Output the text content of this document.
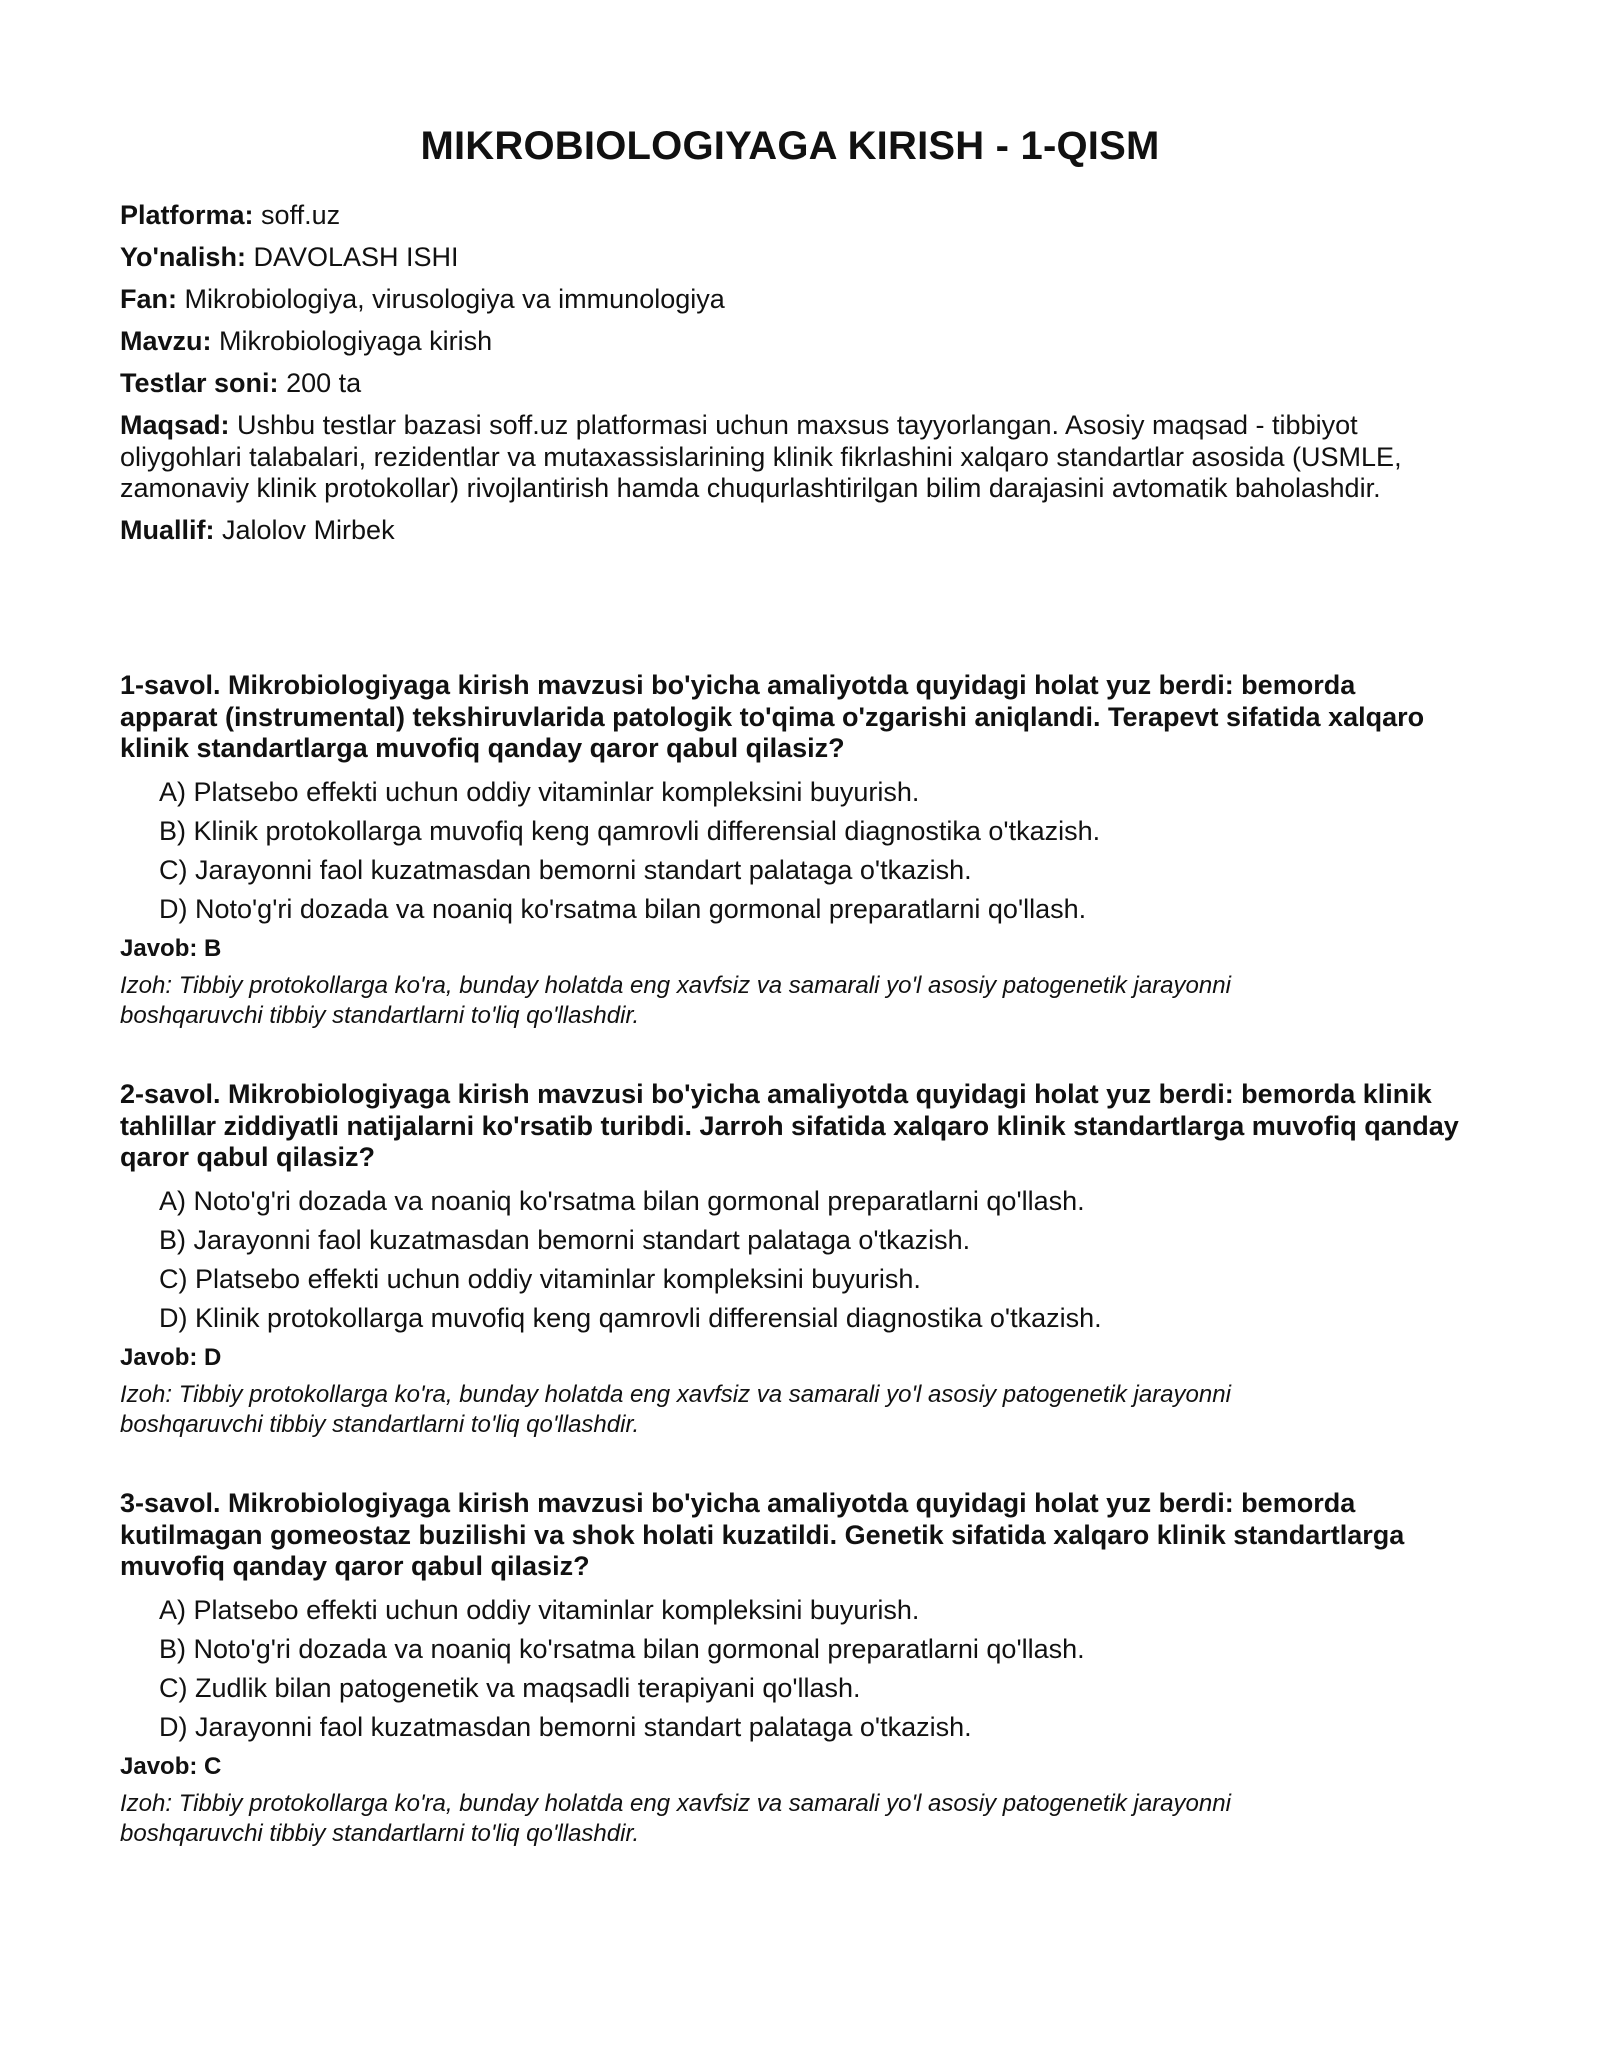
MIKROBIOLOGIYAGA KIRISH - 1-QISM

Platforma: soff.uz

Yo'nalish: DAVOLASH ISHI

Fan: Mikrobiologiya, virusologiya va immunologiya

Mavzu: Mikrobiologiyaga kirish

Testlar soni: 200 ta

Maqsad: Ushbu testlar bazasi soff.uz platformasi uchun maxsus tayyorlangan. Asosiy maqsad - tibbiyot oliygohlari talabalari, rezidentlar va mutaxassislarining klinik fikrlashini xalqaro standartlar asosida (USMLE, zamonaviy klinik protokollar) rivojlantirish hamda chuqurlashtirilgan bilim darajasini avtomatik baholashdir.

Muallif: Jalolov Mirbek

1-savol. Mikrobiologiyaga kirish mavzusi bo'yicha amaliyotda quyidagi holat yuz berdi: bemorda apparat (instrumental) tekshiruvlarida patologik to'qima o'zgarishi aniqlandi. Terapevt sifatida xalqaro klinik standartlarga muvofiq qanday qaror qabul qilasiz?

A) Platsebo effekti uchun oddiy vitaminlar kompleksini buyurish.
B) Klinik protokollarga muvofiq keng qamrovli differensial diagnostika o'tkazish.
C) Jarayonni faol kuzatmasdan bemorni standart palataga o'tkazish.
D) Noto'g'ri dozada va noaniq ko'rsatma bilan gormonal preparatlarni qo'llash.

Javob: B

Izoh: Tibbiy protokollarga ko'ra, bunday holatda eng xavfsiz va samarali yo'l asosiy patogenetik jarayonni boshqaruvchi tibbiy standartlarni to'liq qo'llashdir.

2-savol. Mikrobiologiyaga kirish mavzusi bo'yicha amaliyotda quyidagi holat yuz berdi: bemorda klinik tahlillar ziddiyatli natijalarni ko'rsatib turibdi. Jarroh sifatida xalqaro klinik standartlarga muvofiq qanday qaror qabul qilasiz?

A) Noto'g'ri dozada va noaniq ko'rsatma bilan gormonal preparatlarni qo'llash.
B) Jarayonni faol kuzatmasdan bemorni standart palataga o'tkazish.
C) Platsebo effekti uchun oddiy vitaminlar kompleksini buyurish.
D) Klinik protokollarga muvofiq keng qamrovli differensial diagnostika o'tkazish.

Javob: D

Izoh: Tibbiy protokollarga ko'ra, bunday holatda eng xavfsiz va samarali yo'l asosiy patogenetik jarayonni boshqaruvchi tibbiy standartlarni to'liq qo'llashdir.

3-savol. Mikrobiologiyaga kirish mavzusi bo'yicha amaliyotda quyidagi holat yuz berdi: bemorda kutilmagan gomeostaz buzilishi va shok holati kuzatildi. Genetik sifatida xalqaro klinik standartlarga muvofiq qanday qaror qabul qilasiz?

A) Platsebo effekti uchun oddiy vitaminlar kompleksini buyurish.
B) Noto'g'ri dozada va noaniq ko'rsatma bilan gormonal preparatlarni qo'llash.
C) Zudlik bilan patogenetik va maqsadli terapiyani qo'llash.
D) Jarayonni faol kuzatmasdan bemorni standart palataga o'tkazish.

Javob: C

Izoh: Tibbiy protokollarga ko'ra, bunday holatda eng xavfsiz va samarali yo'l asosiy patogenetik jarayonni boshqaruvchi tibbiy standartlarni to'liq qo'llashdir.
